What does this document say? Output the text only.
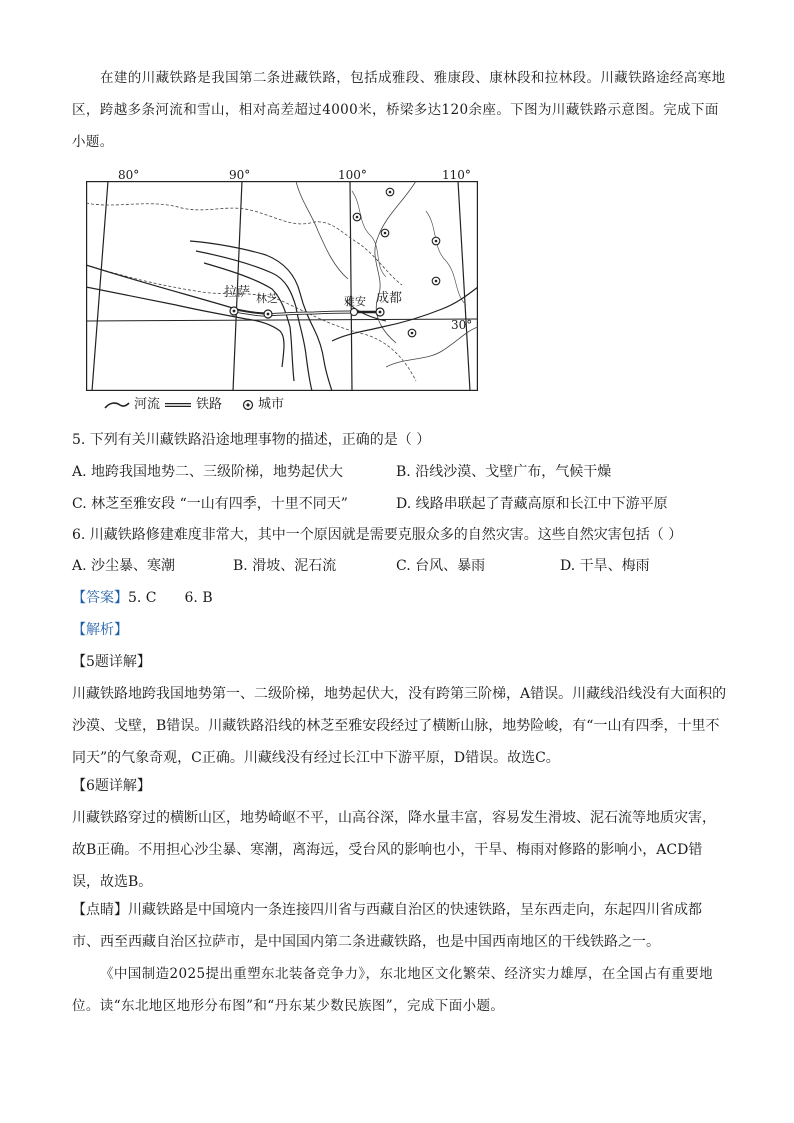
在建的川藏铁路是我国第二条进藏铁路，包括成雅段、雅康段、康林段和拉林段。川藏铁路途经高寒地区，跨越多条河流和雪山，相对高差超过4000米，桥梁多达120余座。下图为川藏铁路示意图。完成下面小题。

30°
拉萨 林芝	雅安 成都
80°	90°	100°	110°
河流	铁路	城市
5. 下列有关川藏铁路沿途地理事物的描述，正确的是（ ）
A. 地跨我国地势二、三级阶梯，地势起伏大	B. 沿线沙漠、戈壁广布，气候干燥
C. 林芝至雅安段 “一山有四季，十里不同天”	D. 线路串联起了青藏高原和长江中下游平原
6. 川藏铁路修建难度非常大，其中一个原因就是需要克服众多的自然灾害。这些自然灾害包括（ ）
A. 沙尘暴、寒潮	B. 滑坡、泥石流	C. 台风、暴雨	D. 干旱、梅雨
【答案】5. C　　6. B
【解析】
【5题详解】

川藏铁路地跨我国地势第一、二级阶梯，地势起伏大，没有跨第三阶梯，A错误。川藏线沿线没有大面积的沙漠、戈壁，B错误。川藏铁路沿线的林芝至雅安段经过了横断山脉，地势险峻，有“一山有四季，十里不同天”的气象奇观，C正确。川藏线没有经过长江中下游平原，D错误。故选C。

【6题详解】

川藏铁路穿过的横断山区，地势崎岖不平，山高谷深，降水量丰富，容易发生滑坡、泥石流等地质灾害，故B正确。不用担心沙尘暴、寒潮，离海远，受台风的影响也小，干旱、梅雨对修路的影响小，ACD错误，故选B。

【点睛】川藏铁路是中国境内一条连接四川省与西藏自治区的快速铁路，呈东西走向，东起四川省成都市、西至西藏自治区拉萨市，是中国国内第二条进藏铁路，也是中国西南地区的干线铁路之一。

《中国制造2025提出重塑东北装备竞争力》，东北地区文化繁荣、经济实力雄厚，在全国占有重要地位。读“东北地区地形分布图”和“丹东某少数民族图”，完成下面小题。
